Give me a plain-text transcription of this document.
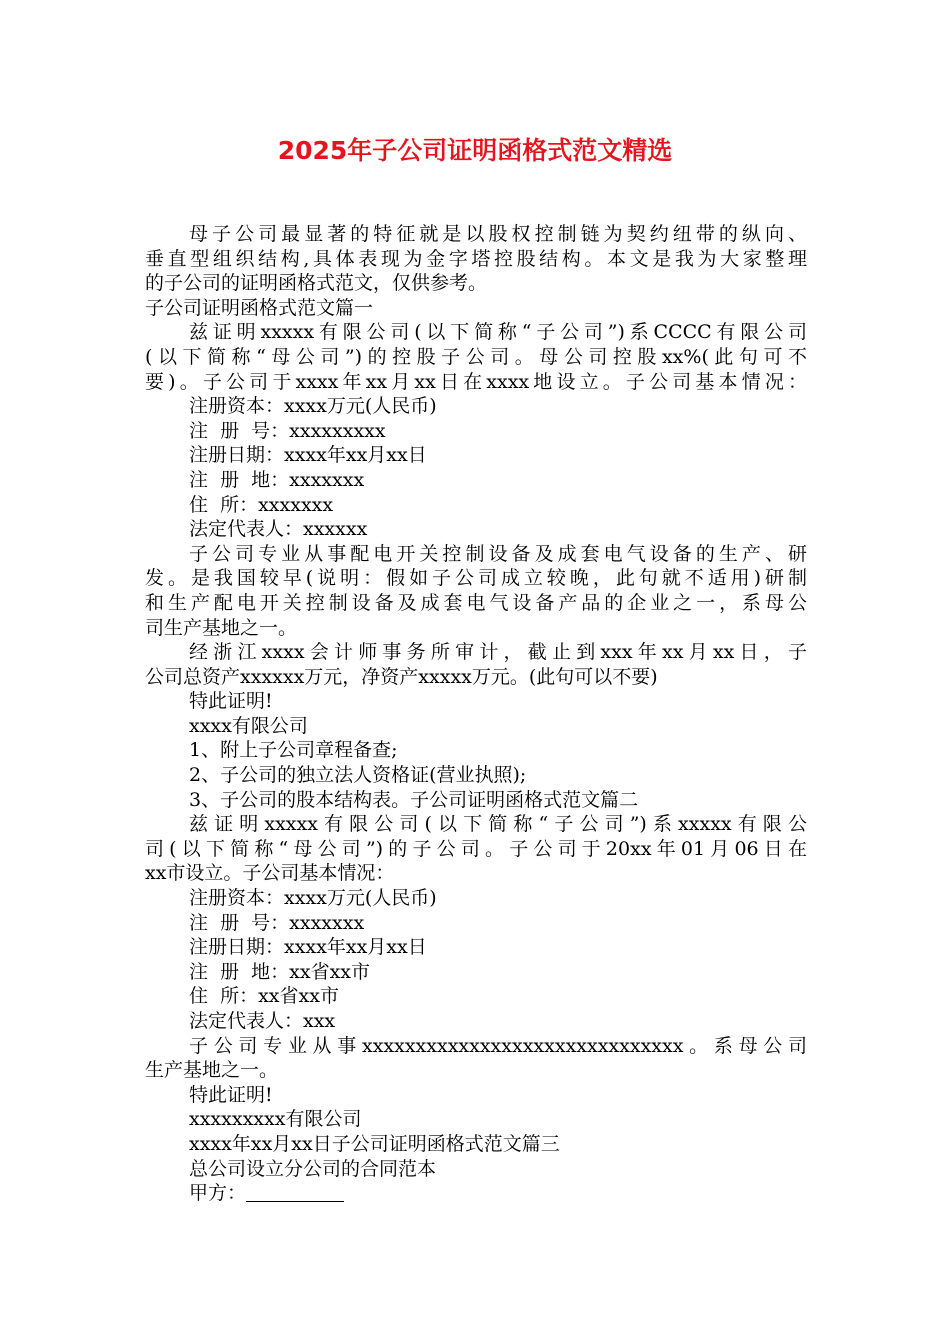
2025年子公司证明函格式范文精选
母子公司最显著的特征就是以股权控制链为契约纽带的纵向、
垂直型组织结构,具体表现为金字塔控股结构。本文是我为大家整理
的子公司的证明函格式范文，仅供参考。
子公司证明函格式范文篇一
兹证明xxxxx有限公司(以下简称“子公司”)系CCCC有限公司
(以下简称“母公司”)的控股子公司。母公司控股xx%(此句可不
要)。子公司于xxxx年xx月xx日在xxxx地设立。子公司基本情况：
注册资本：xxxx万元(人民币)
注  册  号：xxxxxxxxx
注册日期：xxxx年xx月xx日
注  册  地：xxxxxxx
住  所：xxxxxxx
法定代表人：xxxxxx
子公司专业从事配电开关控制设备及成套电气设备的生产、研
发。是我国较早(说明：假如子公司成立较晚，此句就不适用)研制
和生产配电开关控制设备及成套电气设备产品的企业之一，系母公
司生产基地之一。
经浙江xxxx会计师事务所审计，截止到xxx年xx月xx日，子
公司总资产xxxxxx万元，净资产xxxxx万元。(此句可以不要)
特此证明!
xxxx有限公司
1、附上子公司章程备查;
2、子公司的独立法人资格证(营业执照);
3、子公司的股本结构表。子公司证明函格式范文篇二
兹证明xxxxx有限公司(以下简称“子公司”)系xxxxx有限公
司(以下简称“母公司”)的子公司。子公司于20xx年01月06日在
xx市设立。子公司基本情况：
注册资本：xxxx万元(人民币)
注  册  号：xxxxxxx
注册日期：xxxx年xx月xx日
注  册  地：xx省xx市
住  所：xx省xx市
法定代表人：xxx
子公司专业从事xxxxxxxxxxxxxxxxxxxxxxxxxxxxxx。系母公司
生产基地之一。
特此证明!
xxxxxxxxx有限公司
xxxx年xx月xx日子公司证明函格式范文篇三
总公司设立分公司的合同范本
甲方：
